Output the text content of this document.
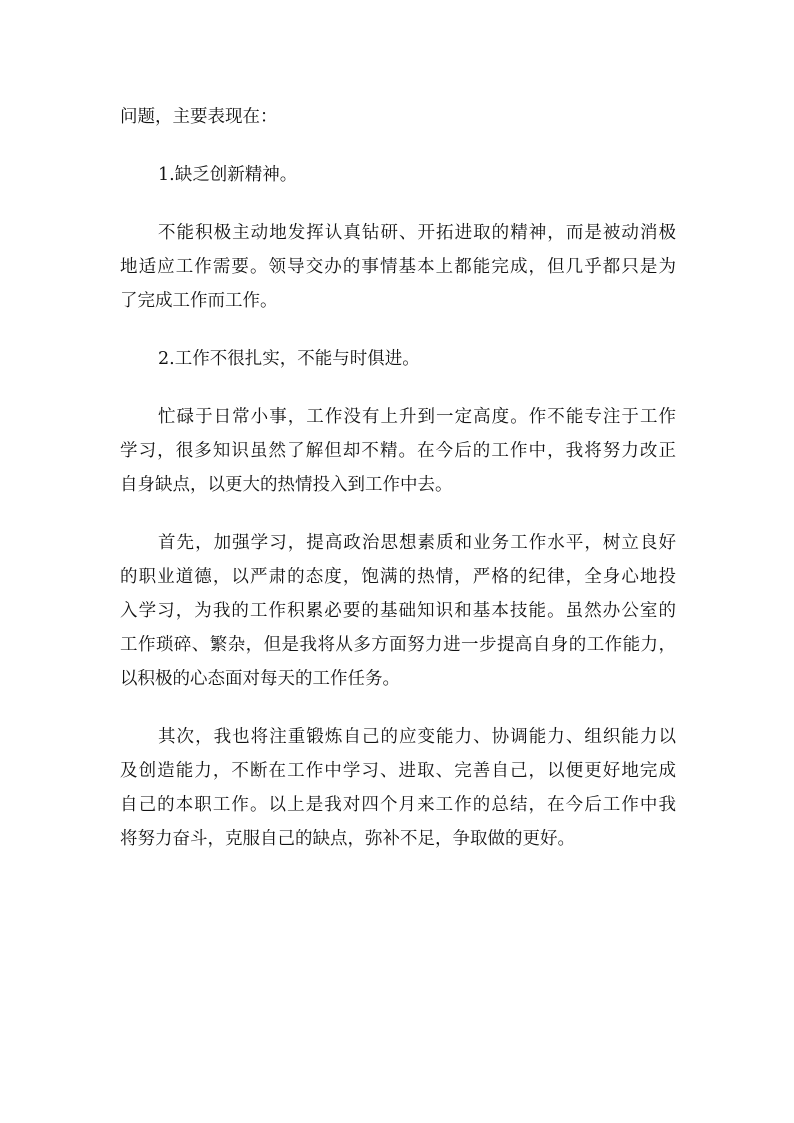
问题，主要表现在：
1.缺乏创新精神。
不能积极主动地发挥认真钻研、开拓进取的精神，而是被动消极
地适应工作需要。领导交办的事情基本上都能完成，但几乎都只是为
了完成工作而工作。
2.工作不很扎实，不能与时俱进。
忙碌于日常小事，工作没有上升到一定高度。作不能专注于工作
学习，很多知识虽然了解但却不精。在今后的工作中，我将努力改正
自身缺点，以更大的热情投入到工作中去。
首先，加强学习，提高政治思想素质和业务工作水平，树立良好
的职业道德，以严肃的态度，饱满的热情，严格的纪律，全身心地投
入学习，为我的工作积累必要的基础知识和基本技能。虽然办公室的
工作琐碎、繁杂，但是我将从多方面努力进一步提高自身的工作能力，
以积极的心态面对每天的工作任务。
其次，我也将注重锻炼自己的应变能力、协调能力、组织能力以
及创造能力，不断在工作中学习、进取、完善自己，以便更好地完成
自己的本职工作。以上是我对四个月来工作的总结，在今后工作中我
将努力奋斗，克服自己的缺点，弥补不足，争取做的更好。
